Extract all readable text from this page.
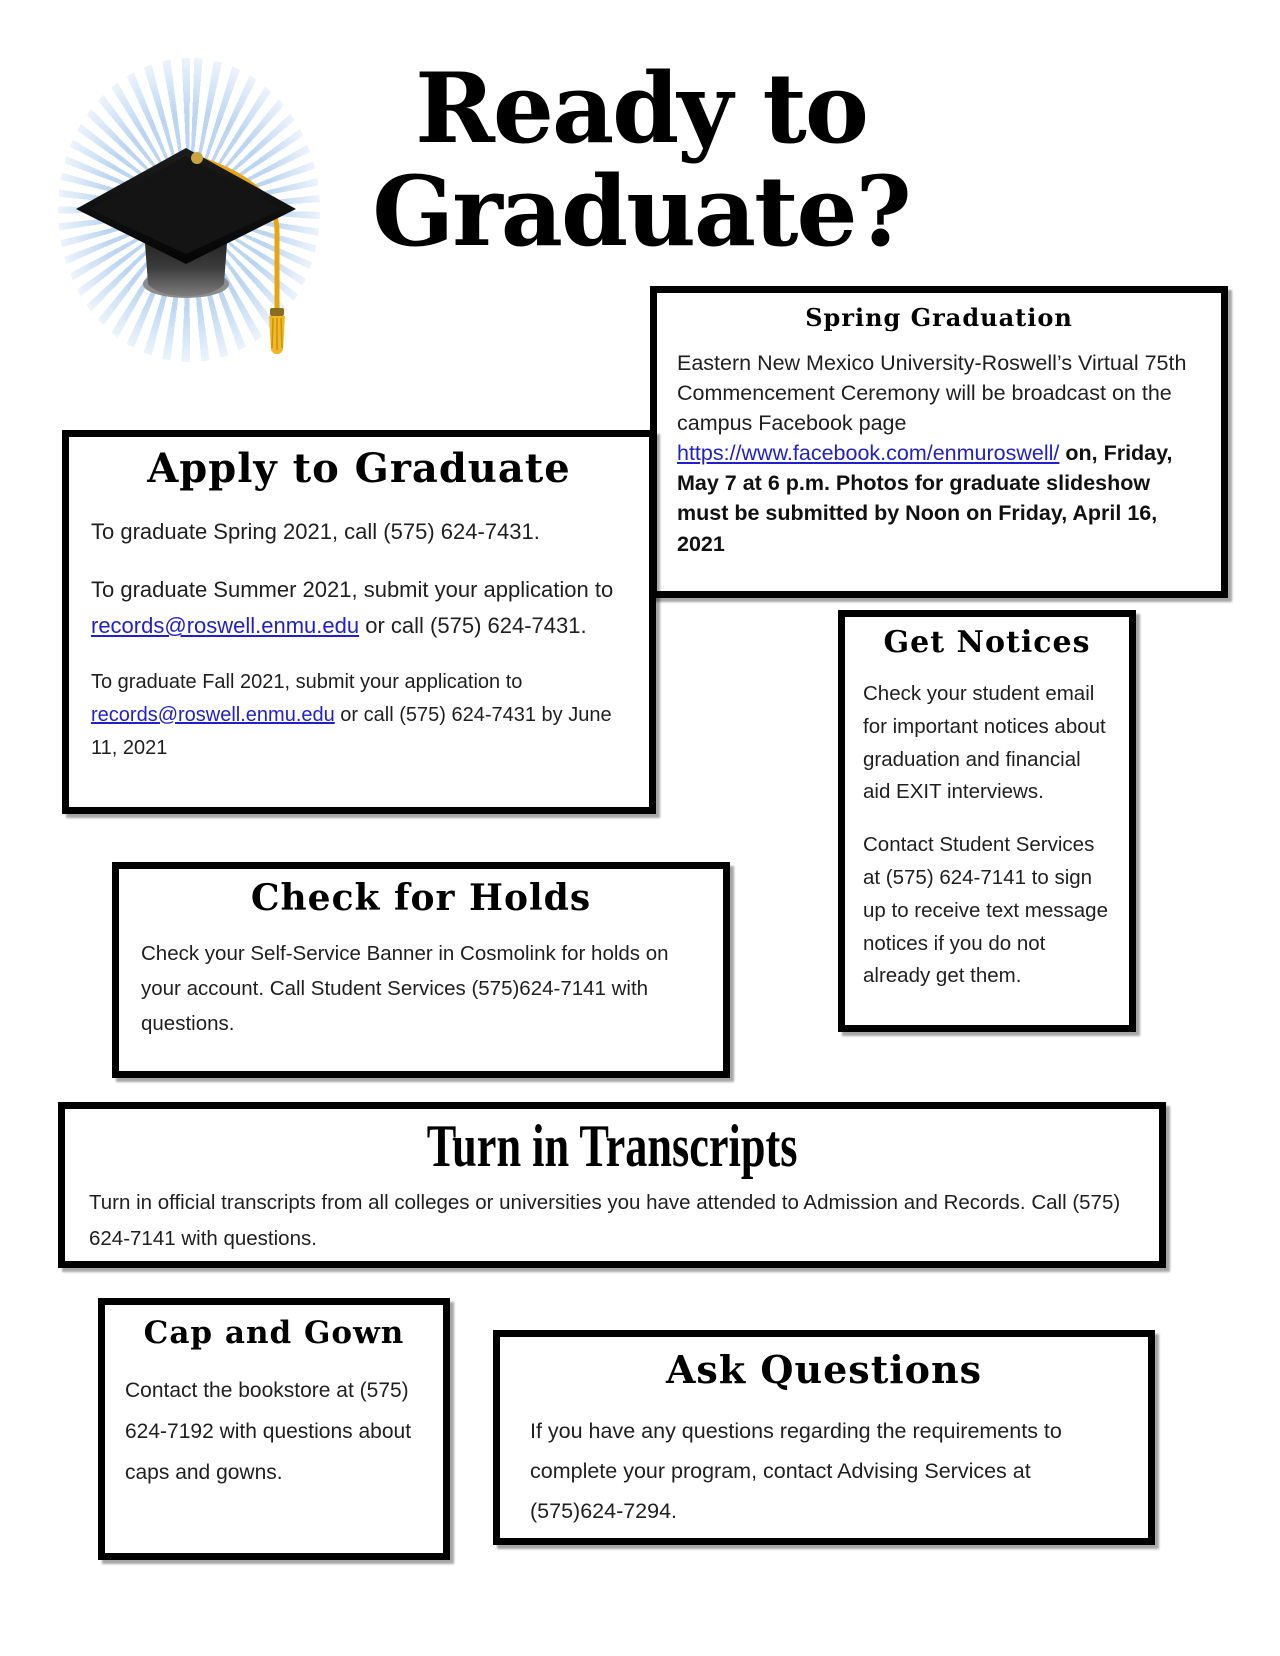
Ready to
Graduate?
Spring Graduation

Eastern New Mexico University-Roswell’s Virtual 75th Commencement Ceremony will be broadcast on the campus Facebook page https://www.facebook.com/enmuroswell/ on, Friday, May 7 at 6 p.m. Photos for graduate slideshow must be submitted by Noon on Friday, April 16, 2021

Apply to Graduate

To graduate Spring 2021, call (575) 624-7431.

To graduate Summer 2021, submit your application to records@roswell.enmu.edu or call (575) 624-7431.

To graduate Fall 2021, submit your application to records@roswell.enmu.edu or call (575) 624-7431 by June 11, 2021

Get Notices

Check your student email for important notices about graduation and financial aid EXIT interviews.

Contact Student Services at (575) 624-7141 to sign up to receive text message notices if you do not already get them.

Check for Holds

Check your Self-Service Banner in Cosmolink for holds on your account. Call Student Services (575)624-7141 with questions.

Turn in Transcripts

Turn in official transcripts from all colleges or universities you have attended to Admission and Records. Call (575) 624-7141 with questions.

Cap and Gown

Contact the bookstore at (575) 624-7192 with questions about caps and gowns.

Ask Questions

If you have any questions regarding the requirements to complete your program, contact Advising Services at (575)624-7294.
